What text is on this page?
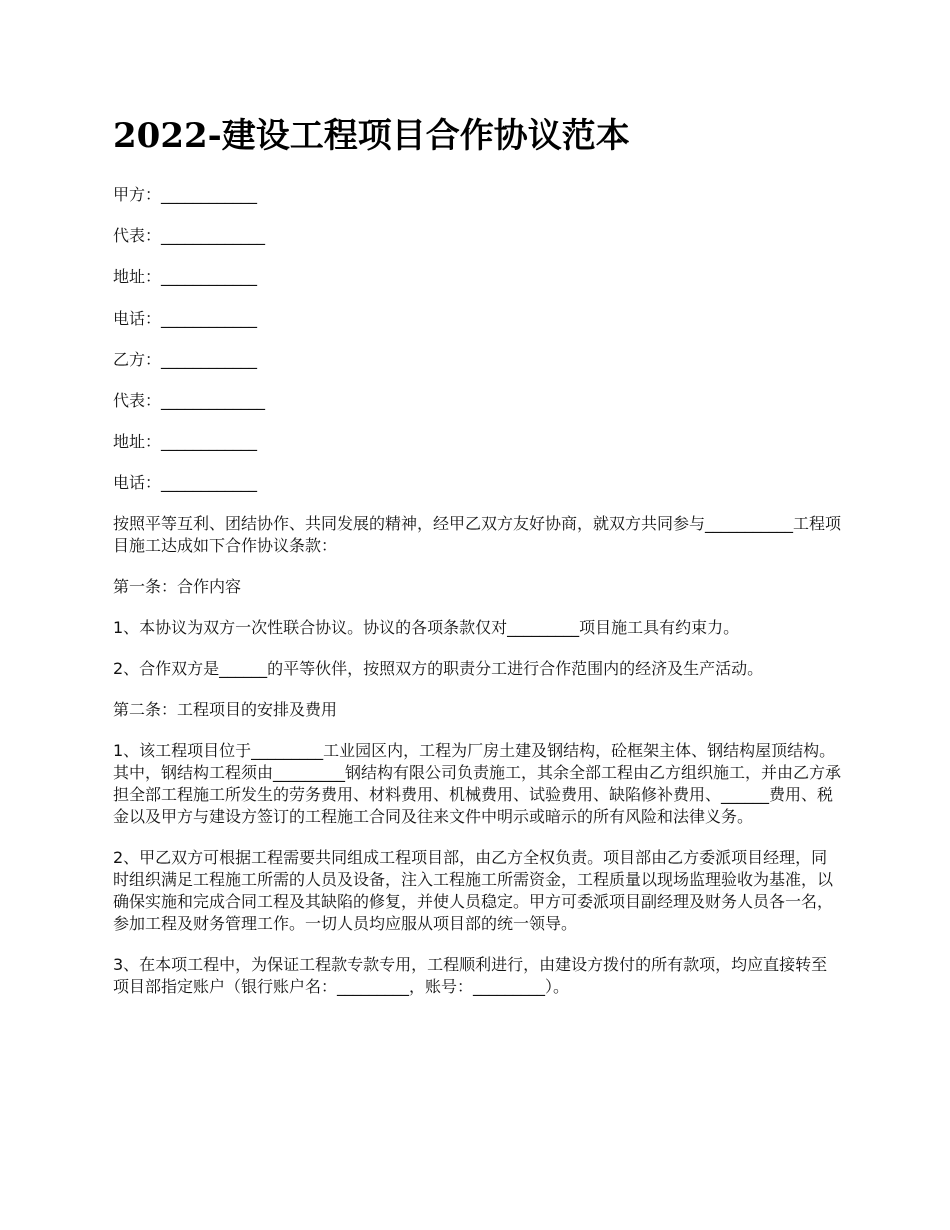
2022-建设工程项目合作协议范本
甲方：____________
代表：_____________
地址：____________
电话：____________
乙方：____________
代表：_____________
地址：____________
电话：____________

按照平等互利、团结协作、共同发展的精神，经甲乙双方友好协商，就双方共同参与___________工程项目施工达成如下合作协议条款：

第一条：合作内容

1、本协议为双方一次性联合协议。协议的各项条款仅对_________项目施工具有约束力。

2、合作双方是______的平等伙伴，按照双方的职责分工进行合作范围内的经济及生产活动。

第二条：工程项目的安排及费用

1、该工程项目位于_________工业园区内，工程为厂房土建及钢结构，砼框架主体、钢结构屋顶结构。其中，钢结构工程须由_________钢结构有限公司负责施工，其余全部工程由乙方组织施工，并由乙方承担全部工程施工所发生的劳务费用、材料费用、机械费用、试验费用、缺陷修补费用、______费用、税金以及甲方与建设方签订的工程施工合同及往来文件中明示或暗示的所有风险和法律义务。

2、甲乙双方可根据工程需要共同组成工程项目部，由乙方全权负责。项目部由乙方委派项目经理，同时组织满足工程施工所需的人员及设备，注入工程施工所需资金，工程质量以现场监理验收为基准，以确保实施和完成合同工程及其缺陷的修复，并使人员稳定。甲方可委派项目副经理及财务人员各一名，参加工程及财务管理工作。一切人员均应服从项目部的统一领导。

3、在本项工程中，为保证工程款专款专用，工程顺利进行，由建设方拨付的所有款项，均应直接转至项目部指定账户（银行账户名：_________，账号：_________）。
